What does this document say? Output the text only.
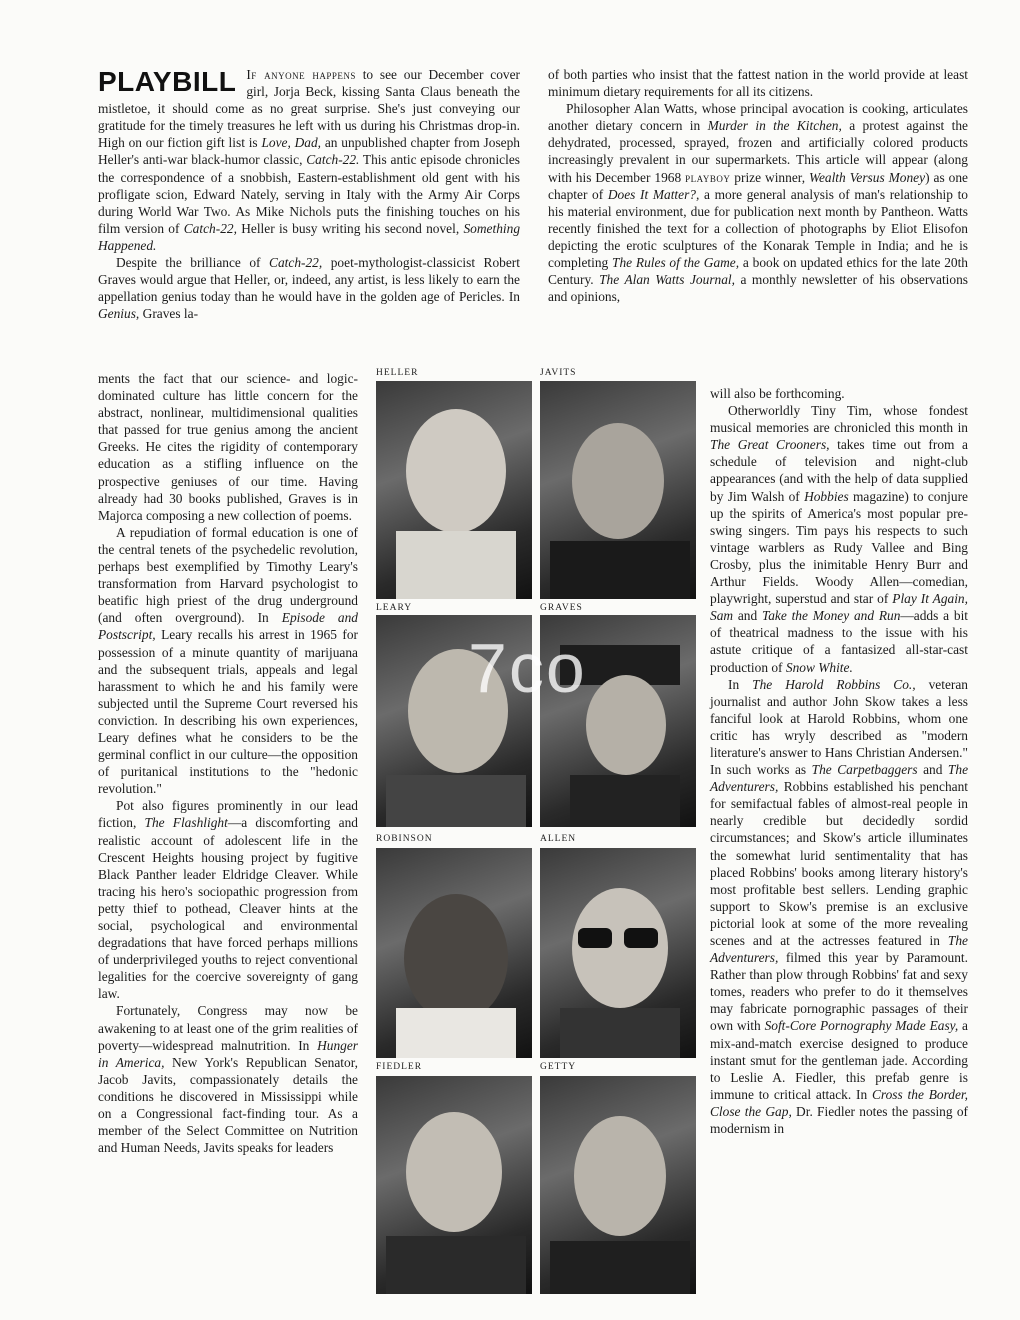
PLAYBILL If anyone happens to see our December cover girl, Jorja Beck, kissing Santa Claus beneath the mistletoe, it should come as no great surprise. She's just conveying our gratitude for the timely treasures he left with us during his Christmas drop-in. High on our fiction gift list is Love, Dad, an unpublished chapter from Joseph Heller's anti-war black-humor classic, Catch-22. This antic episode chronicles the correspondence of a snobbish, Eastern-establishment old gent with his profligate scion, Edward Nately, serving in Italy with the Army Air Corps during World War Two. As Mike Nichols puts the finishing touches on his film version of Catch-22, Heller is busy writing his second novel, Something Happened.

Despite the brilliance of Catch-22, poet-mythologist-classicist Robert Graves would argue that Heller, or, indeed, any artist, is less likely to earn the appellation genius today than he would have in the golden age of Pericles. In Genius, Graves la-

ments the fact that our science- and logic-dominated culture has little concern for the abstract, nonlinear, multidimensional qualities that passed for true genius among the ancient Greeks. He cites the rigidity of contemporary education as a stifling influence on the prospective geniuses of our time. Having already had 30 books published, Graves is in Majorca composing a new collection of poems.

A repudiation of formal education is one of the central tenets of the psychedelic revolution, perhaps best exemplified by Timothy Leary's transformation from Harvard psychologist to beatific high priest of the drug underground (and often overground). In Episode and Postscript, Leary recalls his arrest in 1965 for possession of a minute quantity of marijuana and the subsequent trials, appeals and legal harassment to which he and his family were subjected until the Supreme Court reversed his conviction. In describing his own experiences, Leary defines what he considers to be the germinal conflict in our culture—the opposition of puritanical institutions to the "hedonic revolution."

Pot also figures prominently in our lead fiction, The Flashlight—a discomforting and realistic account of adolescent life in the Crescent Heights housing project by fugitive Black Panther leader Eldridge Cleaver. While tracing his hero's sociopathic progression from petty thief to pothead, Cleaver hints at the social, psychological and environmental degradations that have forced perhaps millions of underprivileged youths to reject conventional legalities for the coercive sovereignty of gang law.

Fortunately, Congress may now be awakening to at least one of the grim realities of poverty—widespread malnutrition. In Hunger in America, New York's Republican Senator, Jacob Javits, compassionately details the conditions he discovered in Mississippi while on a Congressional fact-finding tour. As a member of the Select Committee on Nutrition and Human Needs, Javits speaks for leaders

of both parties who insist that the fattest nation in the world provide at least minimum dietary requirements for all its citizens.

Philosopher Alan Watts, whose principal avocation is cooking, articulates another dietary concern in Murder in the Kitchen, a protest against the dehydrated, processed, sprayed, frozen and artificially colored products increasingly prevalent in our supermarkets. This article will appear (along with his December 1968 playboy prize winner, Wealth Versus Money) as one chapter of Does It Matter?, a more general analysis of man's relationship to his material environment, due for publication next month by Pantheon. Watts recently finished the text for a collection of photographs by Eliot Elisofon depicting the erotic sculptures of the Konarak Temple in India; and he is completing The Rules of the Game, a book on updated ethics for the late 20th Century. The Alan Watts Journal, a monthly newsletter of his observations and opinions,

will also be forthcoming.

Otherworldly Tiny Tim, whose fondest musical memories are chronicled this month in The Great Crooners, takes time out from a schedule of television and night-club appearances (and with the help of data supplied by Jim Walsh of Hobbies magazine) to conjure up the spirits of America's most popular pre-swing singers. Tim pays his respects to such vintage warblers as Rudy Vallee and Bing Crosby, plus the inimitable Henry Burr and Arthur Fields. Woody Allen—comedian, playwright, superstud and star of Play It Again, Sam and Take the Money and Run—adds a bit of theatrical madness to the issue with his astute critique of a fantasized all-star-cast production of Snow White.

In The Harold Robbins Co., veteran journalist and author John Skow takes a less fanciful look at Harold Robbins, whom one critic has wryly described as "modern literature's answer to Hans Christian Andersen." In such works as The Carpetbaggers and The Adventurers, Robbins established his penchant for semifactual fables of almost-real people in nearly credible but decidedly sordid circumstances; and Skow's article illuminates the somewhat lurid sentimentality that has placed Robbins' books among literary history's most profitable best sellers. Lending graphic support to Skow's premise is an exclusive pictorial look at some of the more revealing scenes and at the actresses featured in The Adventurers, filmed this year by Paramount. Rather than plow through Robbins' fat and sexy tomes, readers who prefer to do it themselves may fabricate pornographic passages of their own with Soft-Core Pornography Made Easy, a mix-and-match exercise designed to produce instant smut for the gentleman jade. According to Leslie A. Fiedler, this prefab genre is immune to critical attack. In Cross the Border, Close the Gap, Dr. Fiedler notes the passing of modernism in

HELLER	JAVITS
LEARY	GRAVES
ROBINSON	ALLEN
FIEDLER	GETTY
7co
